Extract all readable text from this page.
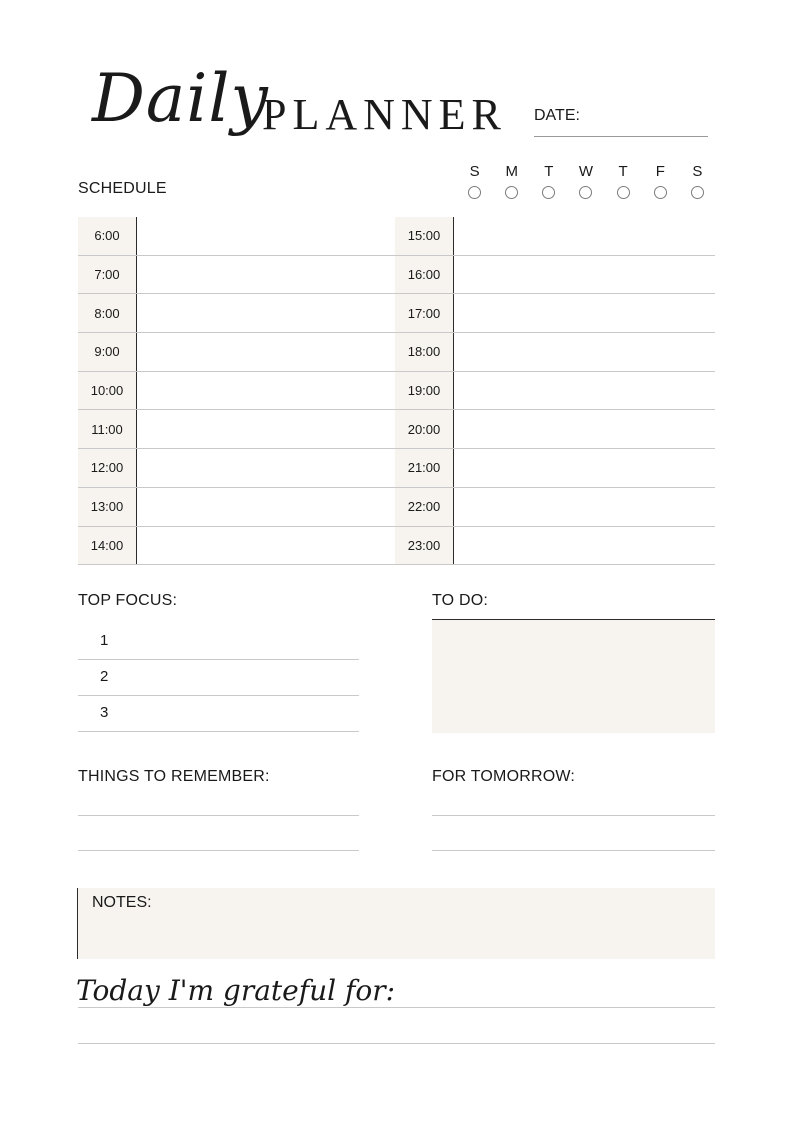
Daily
PLANNER DATE:
S M T W T F S
SCHEDULE
6:00
7:00
8:00
9:00
10:00
11:00
12:00
13:00
14:00
15:00
16:00
17:00
18:00
19:00
20:00
21:00
22:00
23:00
TOP FOCUS:
1
2
3
TO DO:
THINGS TO REMEMBER:	FOR TOMORROW:
NOTES:
Today I'm grateful for:
